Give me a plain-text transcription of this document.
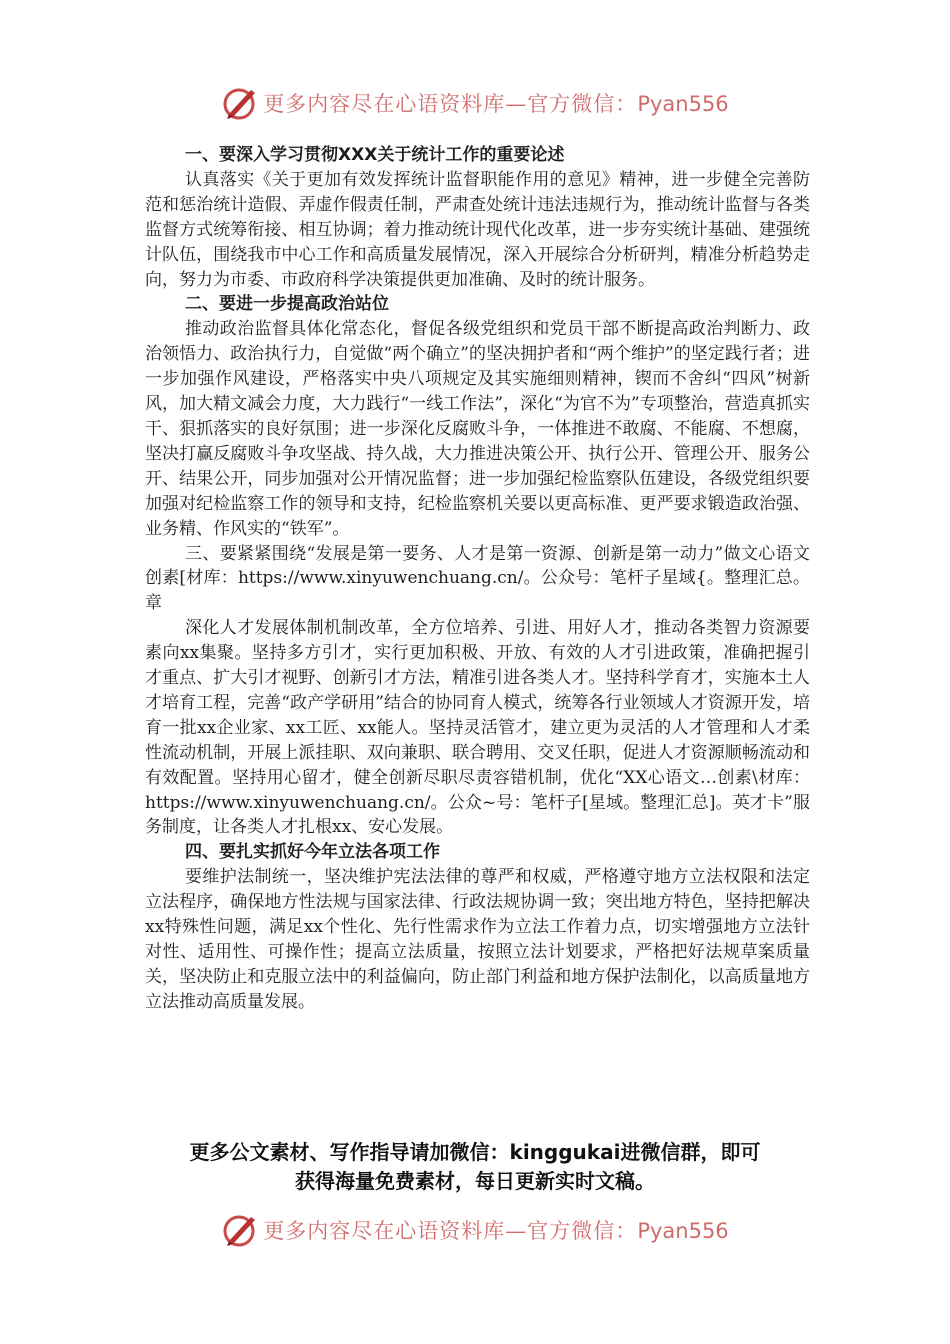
更多内容尽在心语资料库—官方微信：Pyan556
一、要深入学习贯彻XXX关于统计工作的重要论述

认真落实《关于更加有效发挥统计监督职能作用的意见》精神，进一步健全完善防范和惩治统计造假、弄虚作假责任制，严肃查处统计违法违规行为，推动统计监督与各类监督方式统筹衔接、相互协调；着力推动统计现代化改革，进一步夯实统计基础、建强统计队伍，围绕我市中心工作和高质量发展情况，深入开展综合分析研判，精准分析趋势走向，努力为市委、市政府科学决策提供更加准确、及时的统计服务。

二、要进一步提高政治站位

推动政治监督具体化常态化，督促各级党组织和党员干部不断提高政治判断力、政治领悟力、政治执行力，自觉做“两个确立”的坚决拥护者和“两个维护”的坚定践行者；进一步加强作风建设，严格落实中央八项规定及其实施细则精神，锲而不舍纠“四风”树新风，加大精文减会力度，大力践行“一线工作法”，深化“为官不为”专项整治，营造真抓实干、狠抓落实的良好氛围；进一步深化反腐败斗争，一体推进不敢腐、不能腐、不想腐，坚决打赢反腐败斗争攻坚战、持久战，大力推进决策公开、执行公开、管理公开、服务公开、结果公开，同步加强对公开情况监督；进一步加强纪检监察队伍建设，各级党组织要加强对纪检监察工作的领导和支持，纪检监察机关要以更高标准、更严要求锻造政治强、业务精、作风实的“铁军”。

三、要紧紧围绕“发展是第一要务、人才是第一资源、创新是第一动力”做文心语文创素[材库：https://www.xinyuwenchuang.cn/。公众号：笔杆子星域{。整理汇总。章

深化人才发展体制机制改革，全方位培养、引进、用好人才，推动各类智力资源要素向xx集聚。坚持多方引才，实行更加积极、开放、有效的人才引进政策，准确把握引才重点、扩大引才视野、创新引才方法，精准引进各类人才。坚持科学育才，实施本土人才培育工程，完善“政产学研用”结合的协同育人模式，统筹各行业领域人才资源开发，培育一批xx企业家、xx工匠、xx能人。坚持灵活管才，建立更为灵活的人才管理和人才柔性流动机制，开展上派挂职、双向兼职、联合聘用、交叉任职，促进人才资源顺畅流动和有效配置。坚持用心留才，健全创新尽职尽责容错机制，优化“XX心语文…创素\材库：https://www.xinyuwenchuang.cn/。公众~号：笔杆子[星域。整理汇总]。英才卡”服务制度，让各类人才扎根xx、安心发展。

四、要扎实抓好今年立法各项工作

要维护法制统一，坚决维护宪法法律的尊严和权威，严格遵守地方立法权限和法定立法程序，确保地方性法规与国家法律、行政法规协调一致；突出地方特色，坚持把解决xx特殊性问题，满足xx个性化、先行性需求作为立法工作着力点，切实增强地方立法针对性、适用性、可操作性；提高立法质量，按照立法计划要求，严格把好法规草案质量关，坚决防止和克服立法中的利益偏向，防止部门利益和地方保护法制化，以高质量地方立法推动高质量发展。

更多公文素材、写作指导请加微信：kinggukai进微信群，即可
获得海量免费素材，每日更新实时文稿。
更多内容尽在心语资料库—官方微信：Pyan556
